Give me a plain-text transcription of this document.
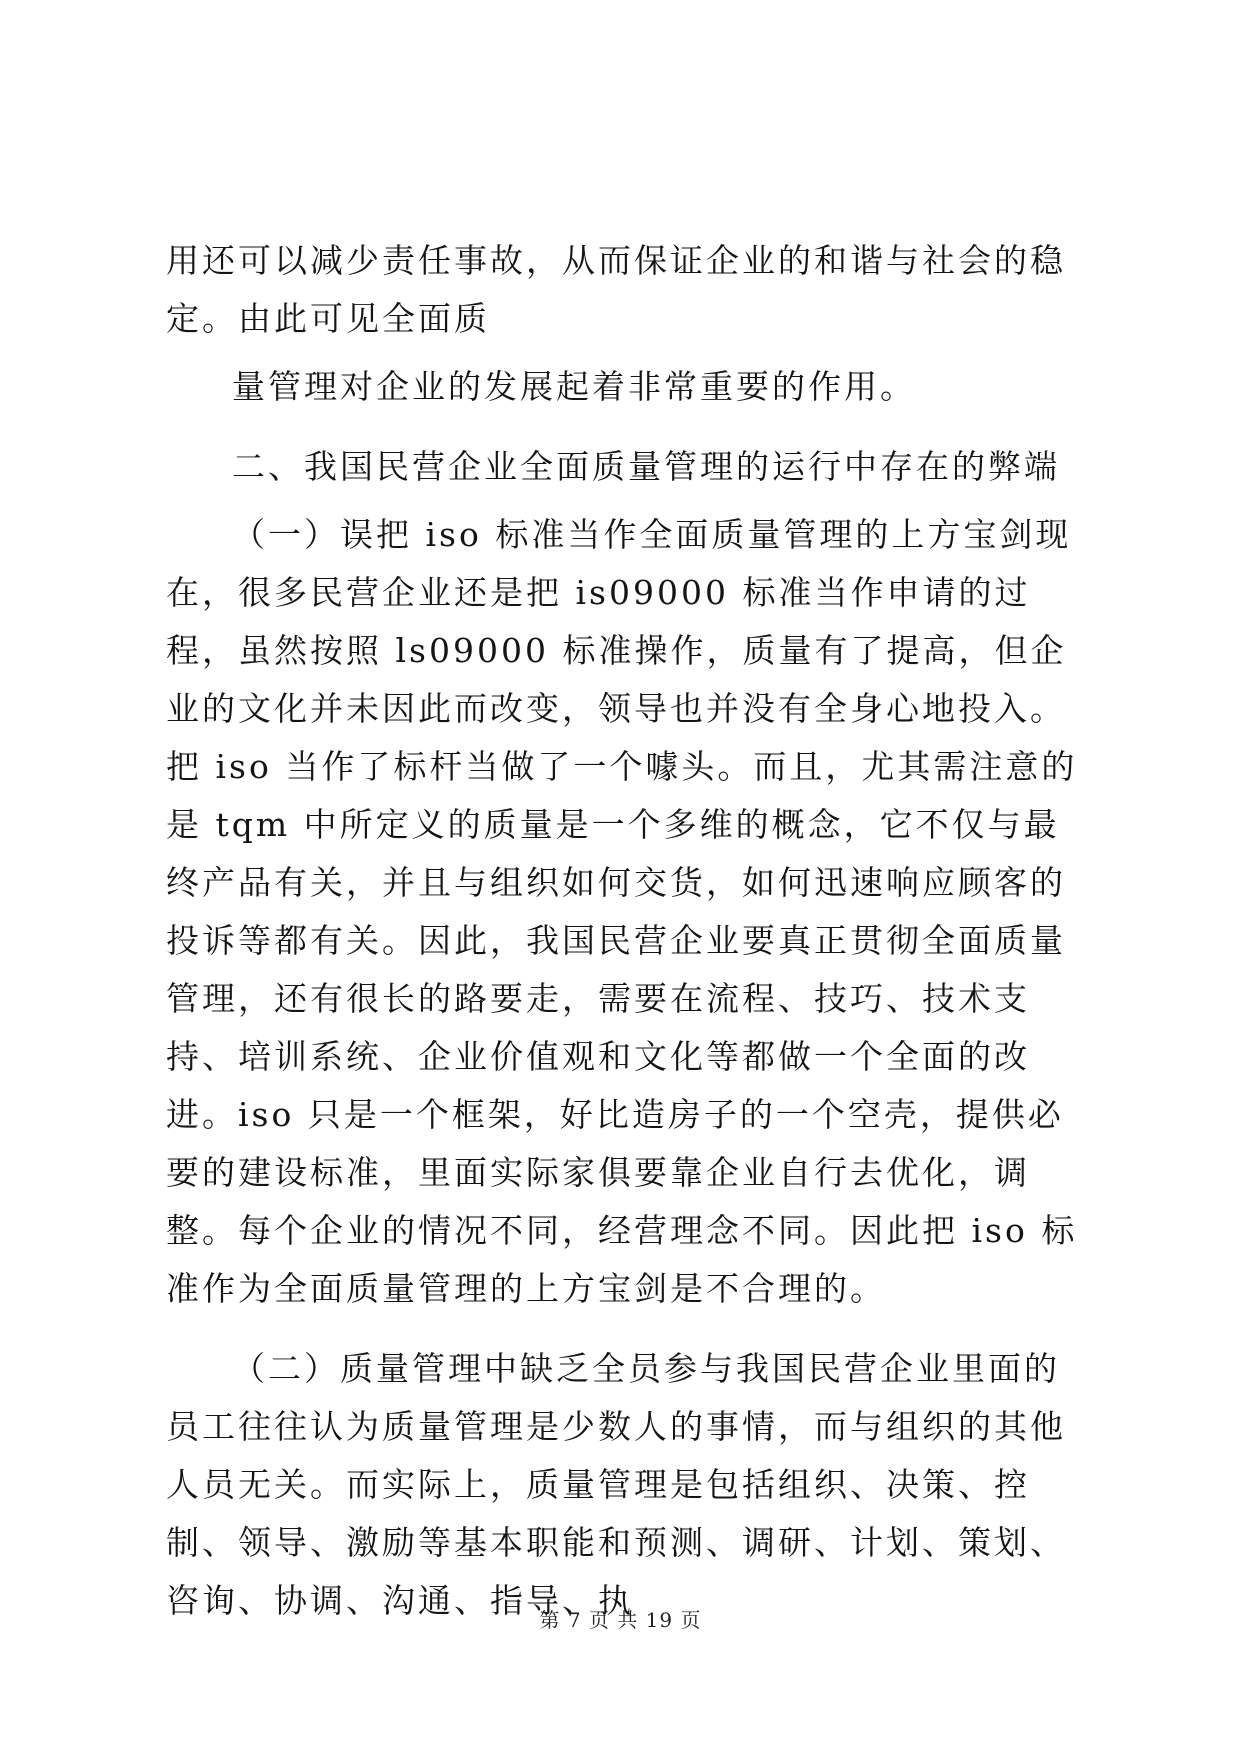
用还可以减少责任事故，从而保证企业的和谐与社会的稳定。由此可见全面质

量管理对企业的发展起着非常重要的作用。

二、我国民营企业全面质量管理的运行中存在的弊端

（一）误把 iso 标准当作全面质量管理的上方宝剑现在，很多民营企业还是把 is09000 标准当作申请的过程，虽然按照 ls09000 标准操作，质量有了提高，但企业的文化并未因此而改变，领导也并没有全身心地投入。把 iso 当作了标杆当做了一个噱头。而且，尤其需注意的是 tqm 中所定义的质量是一个多维的概念，它不仅与最终产品有关，并且与组织如何交货，如何迅速响应顾客的投诉等都有关。因此，我国民营企业要真正贯彻全面质量管理，还有很长的路要走，需要在流程、技巧、技术支持、培训系统、企业价值观和文化等都做一个全面的改进。iso 只是一个框架，好比造房子的一个空壳，提供必要的建设标准，里面实际家俱要靠企业自行去优化，调整。每个企业的情况不同，经营理念不同。因此把 iso 标准作为全面质量管理的上方宝剑是不合理的。

（二）质量管理中缺乏全员参与我国民营企业里面的员工往往认为质量管理是少数人的事情，而与组织的其他人员无关。而实际上，质量管理是包括组织、决策、控制、领导、激励等基本职能和预测、调研、计划、策划、咨询、协调、沟通、指导、执

第 7 页 共 19 页
